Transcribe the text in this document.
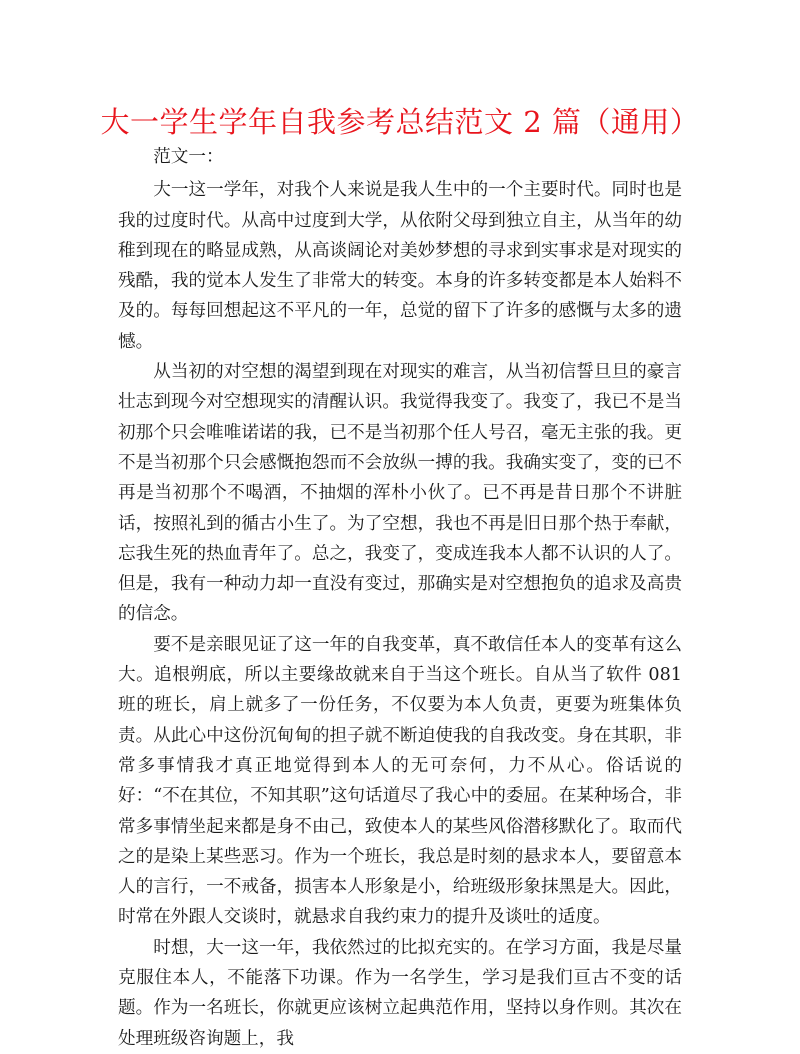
大一学生学年自我参考总结范文 2 篇（通用）

范文一：

大一这一学年，对我个人来说是我人生中的一个主要时代。同时也是我的过度时代。从高中过度到大学，从依附父母到独立自主，从当年的幼稚到现在的略显成熟，从高谈阔论对美妙梦想的寻求到实事求是对现实的残酷，我的觉本人发生了非常大的转变。本身的许多转变都是本人始料不及的。每每回想起这不平凡的一年，总觉的留下了许多的感慨与太多的遗憾。

从当初的对空想的渴望到现在对现实的难言，从当初信誓旦旦的豪言壮志到现今对空想现实的清醒认识。我觉得我变了。我变了，我已不是当初那个只会唯唯诺诺的我，已不是当初那个任人号召，毫无主张的我。更不是当初那个只会感慨抱怨而不会放纵一搏的我。我确实变了，变的已不再是当初那个不喝酒，不抽烟的浑朴小伙了。已不再是昔日那个不讲脏话，按照礼到的循古小生了。为了空想，我也不再是旧日那个热于奉献，忘我生死的热血青年了。总之，我变了，变成连我本人都不认识的人了。但是，我有一种动力却一直没有变过，那确实是对空想抱负的追求及高贵的信念。

要不是亲眼见证了这一年的自我变革，真不敢信任本人的变革有这么大。追根朔底，所以主要缘故就来自于当这个班长。自从当了软件 081 班的班长，肩上就多了一份任务，不仅要为本人负责，更要为班集体负责。从此心中这份沉甸甸的担子就不断迫使我的自我改变。身在其职，非常多事情我才真正地觉得到本人的无可奈何，力不从心。俗话说的好：“不在其位，不知其职”这句话道尽了我心中的委屈。在某种场合，非常多事情坐起来都是身不由己，致使本人的某些风俗潜移默化了。取而代之的是染上某些恶习。作为一个班长，我总是时刻的悬求本人，要留意本人的言行，一不戒备，损害本人形象是小，给班级形象抹黑是大。因此，时常在外跟人交谈时，就悬求自我约束力的提升及谈吐的适度。

时想，大一这一年，我依然过的比拟充实的。在学习方面，我是尽量克服住本人，不能落下功课。作为一名学生，学习是我们亘古不变的话题。作为一名班长，你就更应该树立起典范作用，坚持以身作则。其次在处理班级咨询题上，我
